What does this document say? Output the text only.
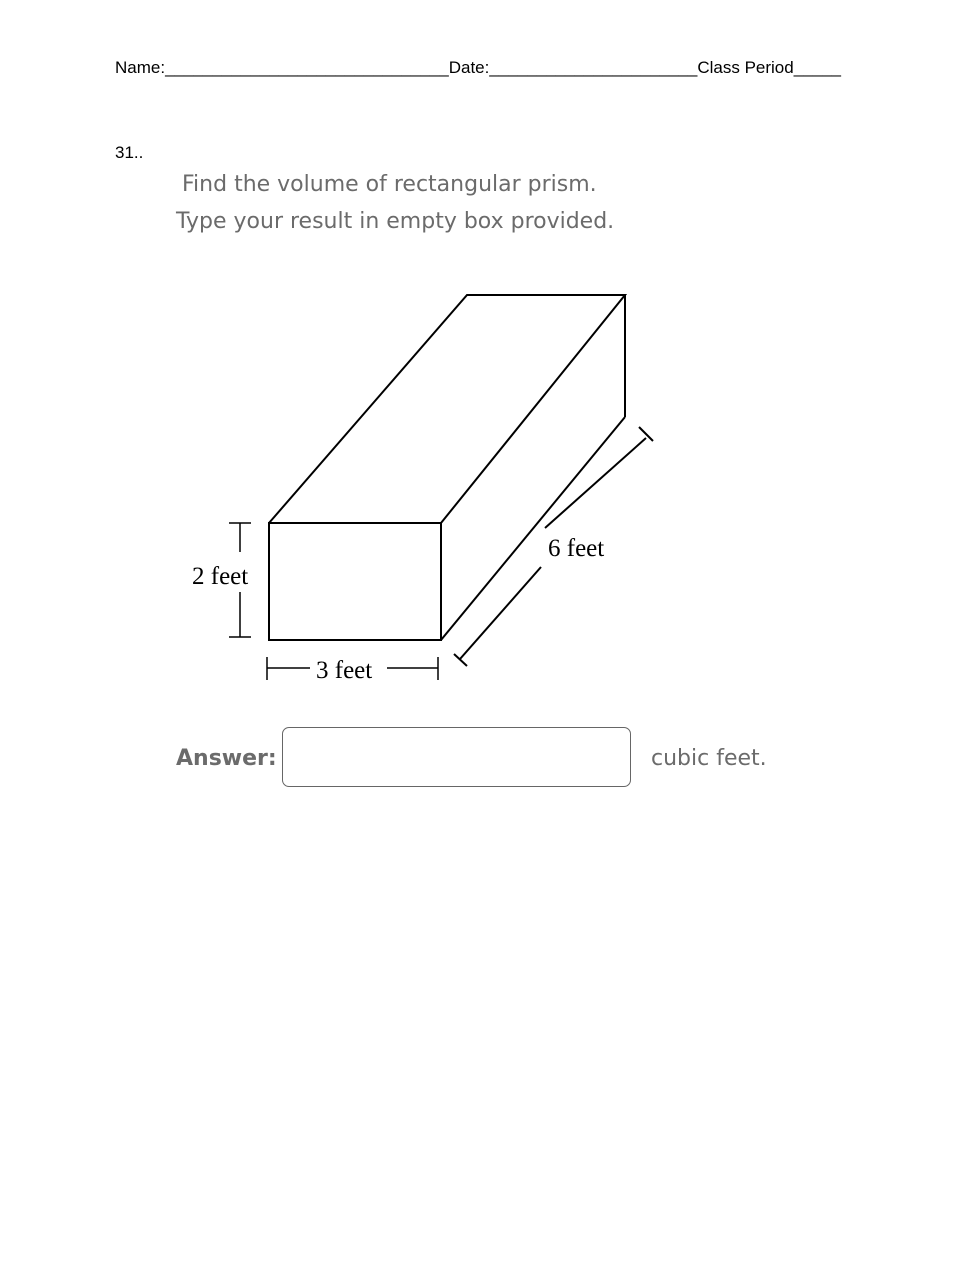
Name:______________________________Date:______________________Class Period_____
31..
Find the volume of rectangular prism.
Type your result in empty box provided.
2 feet
3 feet
6 feet
Answer:	cubic feet.
